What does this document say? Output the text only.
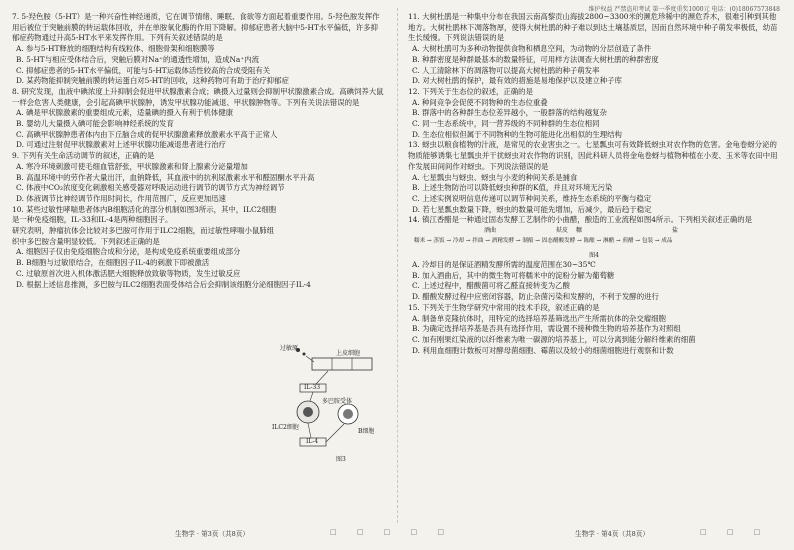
维护权益 严禁盗印考试 第一季度重奖1000元 电话：(0)18067573848

7. 5-羟色胺（5-HT）是一种兴奋性神经递质，它在调节情绪、睡眠、食欲等方面起着重要作用。5-羟色胺发挥作用后被位于突触前膜的转运载体回收，并在单胺氧化酶的作用下降解。抑郁症患者大脑中5-HT水平偏低，许多抑郁症药物通过升高5-HT水平来发挥作用。下列有关叙述错误的是

A. 参与5-HT释放的细胞结构有线粒体、细胞骨架和细胞膜等

B. 5-HT与相应受体结合后，突触后膜对Na⁺的通透性增加，造成Na⁺内流

C. 抑郁症患者的5-HT水平偏低，可能与5-HT运载体活性较高的合成受阻有关

D. 某药物能抑制突触前膜的转运蛋白对5-HT的回收，这种药物可有助于治疗抑郁症

8. 研究发现，血液中碘浓度上升抑制会促进甲状腺激素合成；碘摄入过量则会抑制甲状腺激素合成。高碘饲养大鼠一样会危害人类健康，会引起高碘甲状腺肿，诱发甲状腺功能减退、甲状腺肿物等。下列有关说法错误的是

A. 碘是甲状腺激素的重要组成元素，适量碘的摄入有利于机体健康

B. 婴幼儿大量摄入碘可能会影响神经系统的发育

C. 高碘甲状腺肿患者体内由下丘脑合成的促甲状腺激素释放激素水平高于正常人

D. 可通过注射促甲状腺激素对上述甲状腺功能减退患者进行治疗

9. 下列有关生命活动调节的叙述，正确的是

A. 寒冷环境刺激可使毛细血管舒张，甲状腺激素和肾上腺素分泌量增加

B. 高温环境中的劳作者大量出汗，血钠降低，其血液中的抗利尿激素水平和醛固酮水平升高

C. 体液中CO₂浓度变化刺激相关感受器对呼吸运动进行调节的调节方式为神经调节

D. 体液调节比神经调节作用时间长，作用范围广，反应更加迅速

10. 某些过敏性哮喘患者体内B细胞活化的部分机制如图3所示，其中，ILC2细胞是一种免疫细胞，IL-33和IL-4是两种细胞因子。

研究表明，肿瘤抗体会比较对多巴胺可作用于ILC2细胞，而过敏性哮喘小鼠肺组织中多巴胺含量明显较低。下列叙述正确的是

A. 细胞因子仅由免疫细胞合成和分泌，是构成免疫系统重要组成部分

B. B细胞与过敏原结合，在细胞因子IL-4的刺激下即被激活

C. 过敏原首次进入机体激活肥大细胞释放致敏等物质，发生过敏反应

D. 根据上述信息推测，多巴胺与ILC2细胞表面受体结合后会抑制该细胞分泌细胞因子IL-4

过敏原
上皮细胞
IL-33
多巴胺受体
ILC2细胞
IL-4
B细胞
图3

11. 大树杜鹃是一种集中分布在我国云南高黎贡山海拔2800~3300米的濒危珍稀中的濒危乔木，很难引种到其他地方。大树杜鹃林下凋落物厚，使得大树杜鹃的种子难以到达土壤基质层，因而自然环境中种子萌发率极低，幼苗生长缓慢。下列说法错误的是

A. 大树杜鹃可为多种动物提供食物和栖息空间，为动物的分层创造了条件

B. 种群密度是种群最基本的数量特征，可用样方法调查大树杜鹃的种群密度

C. 人工清除林下的凋落物可以提高大树杜鹃的种子萌发率

D. 对大树杜鹃的保护，最有效的措施是易地保护以及建立种子库

12. 下列关于生态位的叙述，正确的是

A. 种间竞争会促使不同物种的生态位重叠

B. 群落中的各种群生态位差异越小，一般群落的结构越复杂

C. 同一生态系统中，同一营养级的不同种群的生态位相同

D. 生态位相似但属于不同物种的生物可能进化出相似的生理结构

13. 蚜虫以粮食植物的汁液，是常见的农业害虫之一。七星瓢虫可有效降低蚜虫对农作物的危害。金龟卷蚜分泌的物质能够诱集七星瓢虫并干扰蚜虫对农作物的识别，因此科研人员将金龟卷蚜与植物种植在小麦、玉米等农田中用作发展田间间作对蚜虫。下列说法错误的是

A. 七星瓢虫与蚜虫、蚜虫与小麦的种间关系是捕食

B. 上述生物防治可以降低蚜虫种群的K值，并且对环境无污染

C. 上述实例说明信息传递可以调节种间关系，维持生态系统的平衡与稳定

D. 若七星瓢虫数量下降，蚜虫的数量可能先增加，后减少，最后趋于稳定

14. 镇江香醋是一种通过固态发酵工艺制作的小曲醋，酿造的工业流程如图4所示。下列相关叙述正确的是

酒曲	麸皮 糠	盐
糯米 → 蒸饭 → 冷却 → 拌曲 → 酒精发酵 → 制醅 → 固态醋酸发酵 → 陈酿 → 淋醋 → 煎醋 → 包装 → 成品

图4

A. 冷却目的是保证酒精发酵所需的温度范围在30~35℃

B. 加入酒曲后，其中的微生物可将糯米中的淀粉分解为葡萄糖

C. 上述过程中，醋酸菌可将乙醛直接转变为乙酸

D. 醋酸发酵过程中应密闭容器，防止杂菌污染和发酵的，不利于发酵的进行

15. 下列关于生物学研究中常用的技术手段，叙述正确的是

A. 制备单克隆抗体时，用特定的选择培养基筛选出产生所需抗体的杂交瘤细胞

B. 为确定选择培养基是否具有选择作用，需设置不接种微生物的培养基作为对照组

C. 加有刚果红染液的以纤维素为唯一碳源的培养基上，可以分离到能分解纤维素的细菌

D. 利用血细胞计数板可对酵母菌细胞、霉菌以及较小的细菌细胞进行观察和计数

生物学 · 第3页（共8页）	□ □ □ □ □	生物学 · 第4页（共8页）	□ □ □
